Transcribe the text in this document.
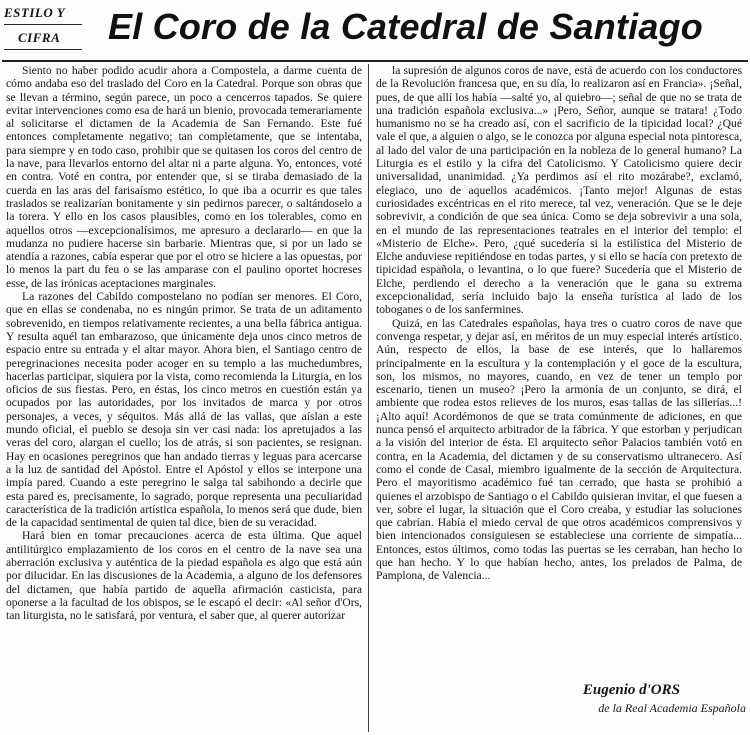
ESTILO Y
CIFRA El Coro de la Catedral de Santiago

Siento no haber podido acudir ahora a Compostela, a darme cuenta de cómo andaba eso del traslado del Coro en la Catedral. Porque son obras que se llevan a término, según parece, un poco a cencerros tapados. Se quiere evitar intervenciones como esa de hará un bienio, provocada temerariamente al solicitarse el dictamen de la Academia de San Fernando. Este fué entonces completamente negativo; tan completamente, que se intentaba, para siempre y en todo caso, prohibir que se quitasen los coros del centro de la nave, para llevarlos entorno del altar ni a parte alguna. Yo, entonces, voté en contra. Voté en contra, por entender que, si se tiraba demasiado de la cuerda en las aras del farisaísmo estético, lo que iba a ocurrir es que tales traslados se realizarían bonitamente y sin pedirnos parecer, o saltándoselo a la torera. Y ello en los casos plausibles, como en los tolerables, como en aquellos otros —excepcionalísimos, me apresuro a declararlo— en que la mudanza no pudiere hacerse sin barbarie. Mientras que, si por un lado se atendía a razones, cabía esperar que por el otro se hiciere a las opuestas, por lo menos la part du feu o se las amparase con el paulino oportet hocreses esse, de las irónicas aceptaciones marginales.

La razones del Cabildo compostelano no podían ser menores. El Coro, que en ellas se condenaba, no es ningún primor. Se trata de un aditamento sobrevenido, en tiempos relativamente recientes, a una bella fábrica antigua. Y resulta aquél tan embarazoso, que únicamente deja unos cinco metros de espacio entre su entrada y el altar mayor. Ahora bien, el Santiago centro de peregrinaciones necesita poder acoger en su templo a las muchedumbres, hacerlas participar, siquiera por la vista, como recomienda la Liturgia, en los oficios de sus fiestas. Pero, en éstas, los cinco metros en cuestión están ya ocupados por las autoridades, por los invitados de marca y por otros personajes, a veces, y séquitos. Más allá de las vallas, que aíslan a este mundo oficial, el pueblo se desoja sin ver casi nada: los apretujados a las veras del coro, alargan el cuello; los de atrás, si son pacientes, se resignan. Hay en ocasiones peregrinos que han andado tierras y leguas para acercarse a la luz de santidad del Apóstol. Entre el Apóstol y ellos se interpone una impía pared. Cuando a este peregrino le salga tal sabihondo a decirle que esta pared es, precisamente, lo sagrado, porque representa una peculiaridad característica de la tradición artística española, lo menos será que dude, bien de la capacidad sentimental de quien tal dice, bien de su veracidad.

Hará bien en tomar precauciones acerca de esta última. Que aquel antilitúrgico emplazamiento de los coros en el centro de la nave sea una aberración exclusiva y auténtica de la piedad española es algo que está aún por dilucidar. En las discusiones de la Academia, a alguno de los defensores del dictamen, que había partido de aquella afirmación casticista, para oponerse a la facultad de los obispos, se le escapó el decir: «Al señor d'Ors, tan liturgista, no le satisfará, por ventura, el saber que, al querer autorizar

la supresión de algunos coros de nave, está de acuerdo con los conductores de la Revolución francesa que, en su día, lo realizaron así en Francia». ¡Señal, pues, de que allí los había —salté yo, al quiebro—; señal de que no se trata de una tradición española exclusiva...» ¡Pero, Señor, aunque se tratara! ¿Todo humanismo no se ha creado así, con el sacrificio de la tipicidad local? ¿Qué vale el que, a alguien o algo, se le conozca por alguna especial nota pintoresca, al lado del valor de una participación en la nobleza de lo general humano? La Liturgia es el estilo y la cifra del Catolicismo. Y Catolicismo quiere decir universalidad, unanimidad. ¿Ya perdimos así el rito mozárabe?, exclamó, elegiaco, uno de aquellos académicos. ¡Tanto mejor! Algunas de estas curiosidades excéntricas en el rito merece, tal vez, veneración. Que se le deje sobrevivir, a condición de que sea única. Como se deja sobrevivir a una sola, en el mundo de las representaciones teatrales en el interior del templo: el «Misterio de Elche». Pero, ¿qué sucedería si la estilística del Misterio de Elche anduviese repitiéndose en todas partes, y si ello se hacía con pretexto de tipicidad española, o levantina, o lo que fuere? Sucedería que el Misterio de Elche, perdiendo el derecho a la veneración que le gana su extrema excepcionalidad, sería incluido bajo la enseña turística al lado de los toboganes o de los sanfermines.

Quizá, en las Catedrales españolas, haya tres o cuatro coros de nave que convenga respetar, y dejar así, en méritos de un muy especial interés artístico. Aún, respecto de ellos, la base de ese interés, que lo hallaremos principalmente en la escultura y la contemplación y el goce de la escultura, son, los mismos, no mayores, cuando, en vez de tener un templo por escenario, tienen un museo? ¡Pero la armonía de un conjunto, se dirá, el ambiente que rodea estos relieves de los muros, esas tallas de las sillerías...! ¡Alto aquí! Acordémonos de que se trata comúnmente de adiciones, en que nunca pensó el arquitecto arbitrador de la fábrica. Y que estorban y perjudican a la visión del interior de ésta. El arquitecto señor Palacios también votó en contra, en la Academia, del dictamen y de su conservatismo ultranecero. Así como el conde de Casal, miembro igualmente de la sección de Arquitectura. Pero el mayoritismo académico fué tan cerrado, que hasta se prohibió a quienes el arzobispo de Santiago o el Cabildo quisieran invitar, el que fuesen a ver, sobre el lugar, la situación que el Coro creaba, y estudiar las soluciones que cabrían. Había el miedo cerval de que otros académicos comprensivos y bien intencionados consiguiesen se estableciese una corriente de simpatía... Entonces, estos últimos, como todas las puertas se les cerraban, han hecho lo que han hecho. Y lo que habían hecho, antes, los prelados de Palma, de Pamplona, de Valencia...

Eugenio d'ORS
de la Real Academia Española
